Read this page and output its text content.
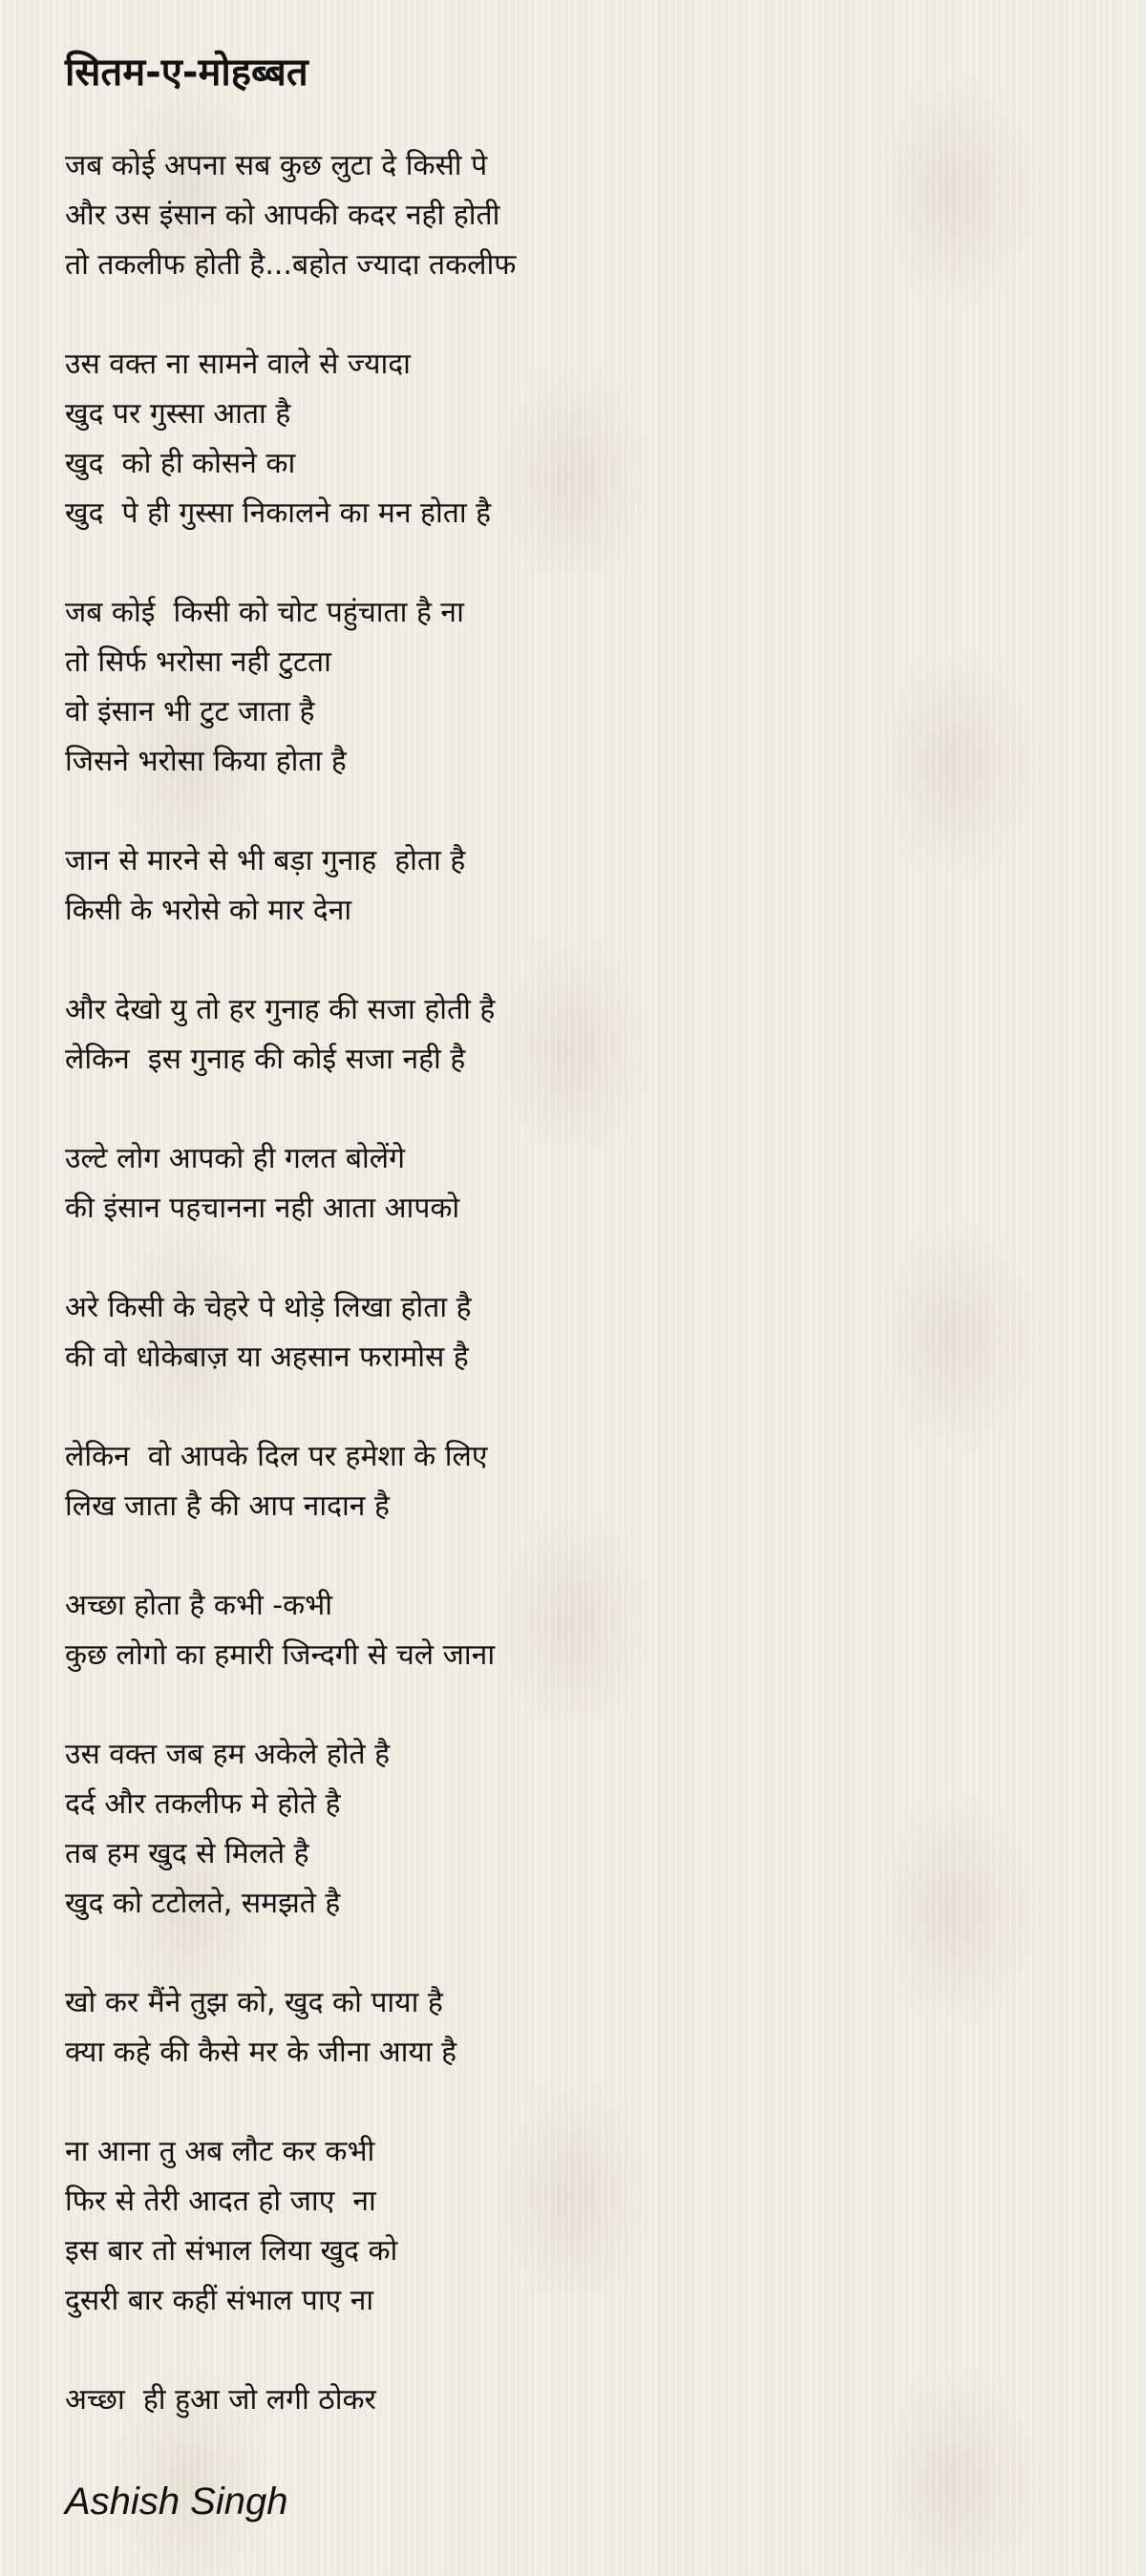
सितम-ए-मोहब्बत
जब कोई अपना सब कुछ लुटा दे किसी पे
और उस इंसान को आपकी कदर नही होती
तो तकलीफ होती है...बहोत ज्यादा तकलीफ
उस वक्त ना सामने वाले से ज्यादा
खुद पर गुस्सा आता है
खुद  को ही कोसने का
खुद  पे ही गुस्सा निकालने का मन होता है
जब कोई  किसी को चोट पहुंचाता है ना
तो सिर्फ भरोसा नही टुटता
वो इंसान भी टुट जाता है
जिसने भरोसा किया होता है
जान से मारने से भी बड़ा गुनाह  होता है
किसी के भरोसे को मार देना
और देखो यु तो हर गुनाह की सजा होती है
लेकिन  इस गुनाह की कोई सजा नही है
उल्टे लोग आपको ही गलत बोलेंगे
की इंसान पहचानना नही आता आपको
अरे किसी के चेहरे पे थोड़े लिखा होता है
की वो धोकेबाज़ या अहसान फरामोस है
लेकिन  वो आपके दिल पर हमेशा के लिए
लिख जाता है की आप नादान है
अच्छा होता है कभी -कभी
कुछ लोगो का हमारी जिन्दगी से चले जाना
उस वक्त जब हम अकेले होते है
दर्द और तकलीफ मे होते है
तब हम खुद से मिलते है
खुद को टटोलते, समझते है
खो कर मैंने तुझ को, खुद को पाया है
क्या कहे की कैसे मर के जीना आया है
ना आना तु अब लौट कर कभी
फिर से तेरी आदत हो जाए  ना
इस बार तो संभाल लिया खुद को
दुसरी बार कहीं संभाल पाए ना
अच्छा  ही हुआ जो लगी ठोकर

Ashish Singh
